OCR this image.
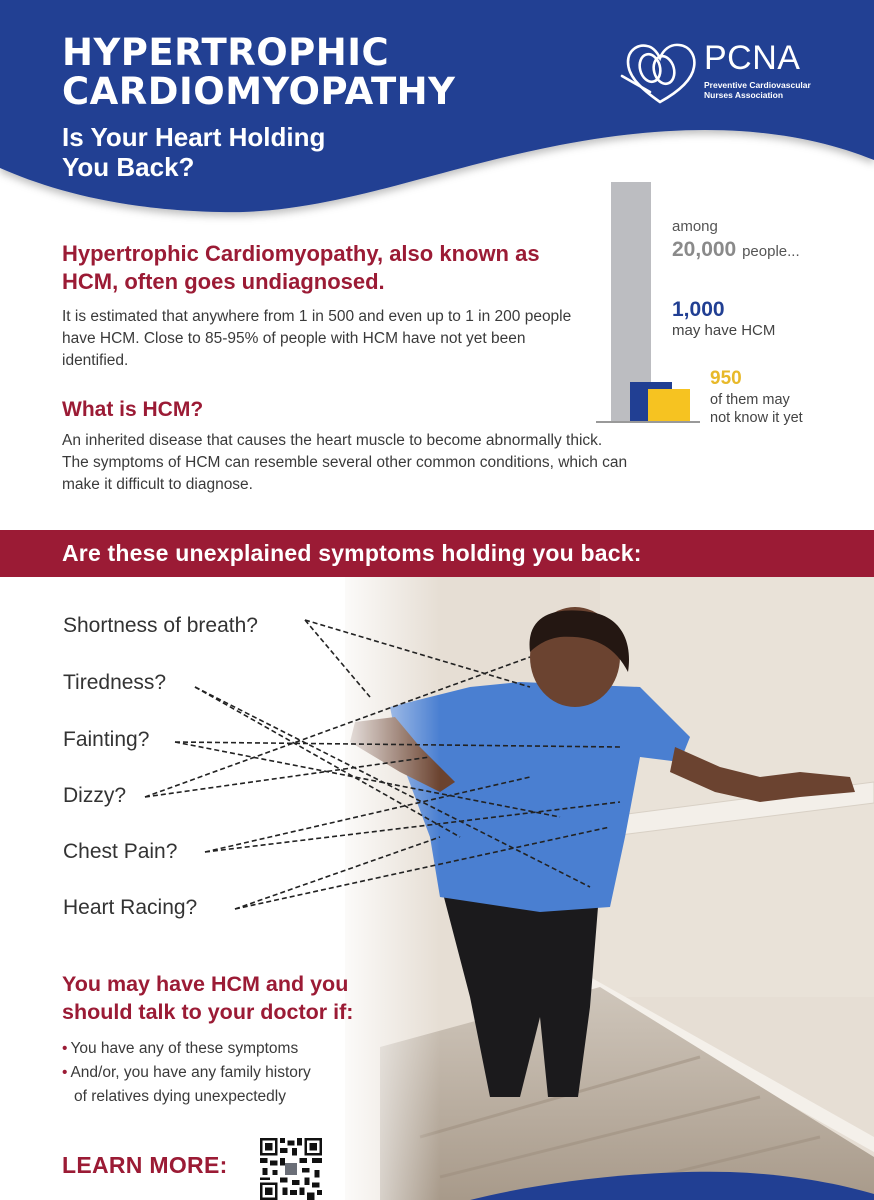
HYPERTROPHIC
CARDIOMYOPATHY
Is Your Heart Holding
You Back?
PCNA
Preventive Cardiovascular
Nurses Association
Hypertrophic Cardiomyopathy, also known as HCM, often goes undiagnosed.

It is estimated that anywhere from 1 in 500 and even up to 1 in 200 people have HCM. Close to 85-95% of people with HCM have not yet been identified.

What is HCM?

An inherited disease that causes the heart muscle to become abnormally thick. The symptoms of HCM can resemble several other common conditions, which can make it difficult to diagnose.

among
20,000 people...
1,000
may have HCM
950
of them may
not know it yet
Are these unexplained symptoms holding you back:
Shortness of breath?
Tiredness?
Fainting?
Dizzy?
Chest Pain?
Heart Racing?
You may have HCM and you
should talk to your doctor if:
• You have any of these symptoms
• And/or, you have any family history
of relatives dying unexpectedly
LEARN MORE:
